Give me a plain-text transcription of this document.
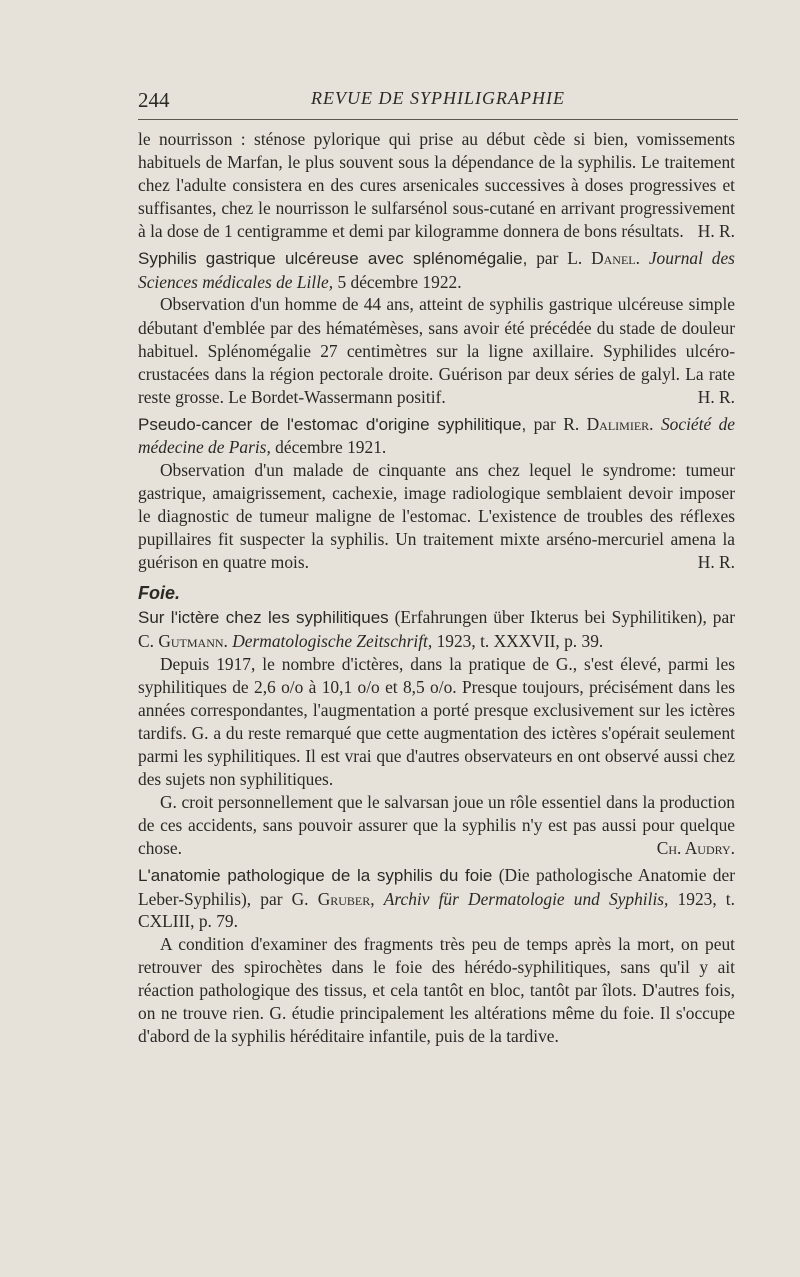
244	REVUE DE SYPHILIGRAPHIE

le nourrisson : sténose pylorique qui prise au début cède si bien, vomissements habituels de Marfan, le plus souvent sous la dépendance de la syphilis. Le traitement chez l'adulte consistera en des cures arsenicales successives à doses progressives et suffisantes, chez le nourrisson le sulfarsénol sous-cutané en arrivant progressivement à la dose de 1 centigramme et demi par kilogramme donnera de bons résultats. H. R.

Syphilis gastrique ulcéreuse avec splénomégalie, par L. Danel. Journal des Sciences médicales de Lille, 5 décembre 1922.

Observation d'un homme de 44 ans, atteint de syphilis gastrique ulcéreuse simple débutant d'emblée par des hématémèses, sans avoir été précédée du stade de douleur habituel. Splénomégalie 27 centimètres sur la ligne axillaire. Syphilides ulcéro-crustacées dans la région pectorale droite. Guérison par deux séries de galyl. La rate reste grosse. Le Bordet-Wassermann positif.	H. R.

Pseudo-cancer de l'estomac d'origine syphilitique, par R. Dalimier. Société de médecine de Paris, décembre 1921.

Observation d'un malade de cinquante ans chez lequel le syndrome: tumeur gastrique, amaigrissement, cachexie, image radiologique semblaient devoir imposer le diagnostic de tumeur maligne de l'estomac. L'existence de troubles des réflexes pupillaires fit suspecter la syphilis. Un traitement mixte arséno-mercuriel amena la guérison en quatre mois.	H. R.

Foie.

Sur l'ictère chez les syphilitiques (Erfahrungen über Ikterus bei Syphilitiken), par C. Gutmann. Dermatologische Zeitschrift, 1923, t. XXXVII, p. 39.

Depuis 1917, le nombre d'ictères, dans la pratique de G., s'est élevé, parmi les syphilitiques de 2,6 o/o à 10,1 o/o et 8,5 o/o. Presque toujours, précisément dans les années correspondantes, l'augmentation a porté presque exclusivement sur les ictères tardifs. G. a du reste remarqué que cette augmentation des ictères s'opérait seulement parmi les syphilitiques. Il est vrai que d'autres observateurs en ont observé aussi chez des sujets non syphilitiques.

G. croit personnellement que le salvarsan joue un rôle essentiel dans la production de ces accidents, sans pouvoir assurer que la syphilis n'y est pas aussi pour quelque chose.	Ch. Audry.

L'anatomie pathologique de la syphilis du foie (Die pathologische Anatomie der Leber-Syphilis), par G. Gruber, Archiv für Dermatologie und Syphilis, 1923, t. CXLIII, p. 79.

A condition d'examiner des fragments très peu de temps après la mort, on peut retrouver des spirochètes dans le foie des hérédo-syphilitiques, sans qu'il y ait réaction pathologique des tissus, et cela tantôt en bloc, tantôt par îlots. D'autres fois, on ne trouve rien. G. étudie principalement les altérations même du foie. Il s'occupe d'abord de la syphilis héréditaire infantile, puis de la tardive.
